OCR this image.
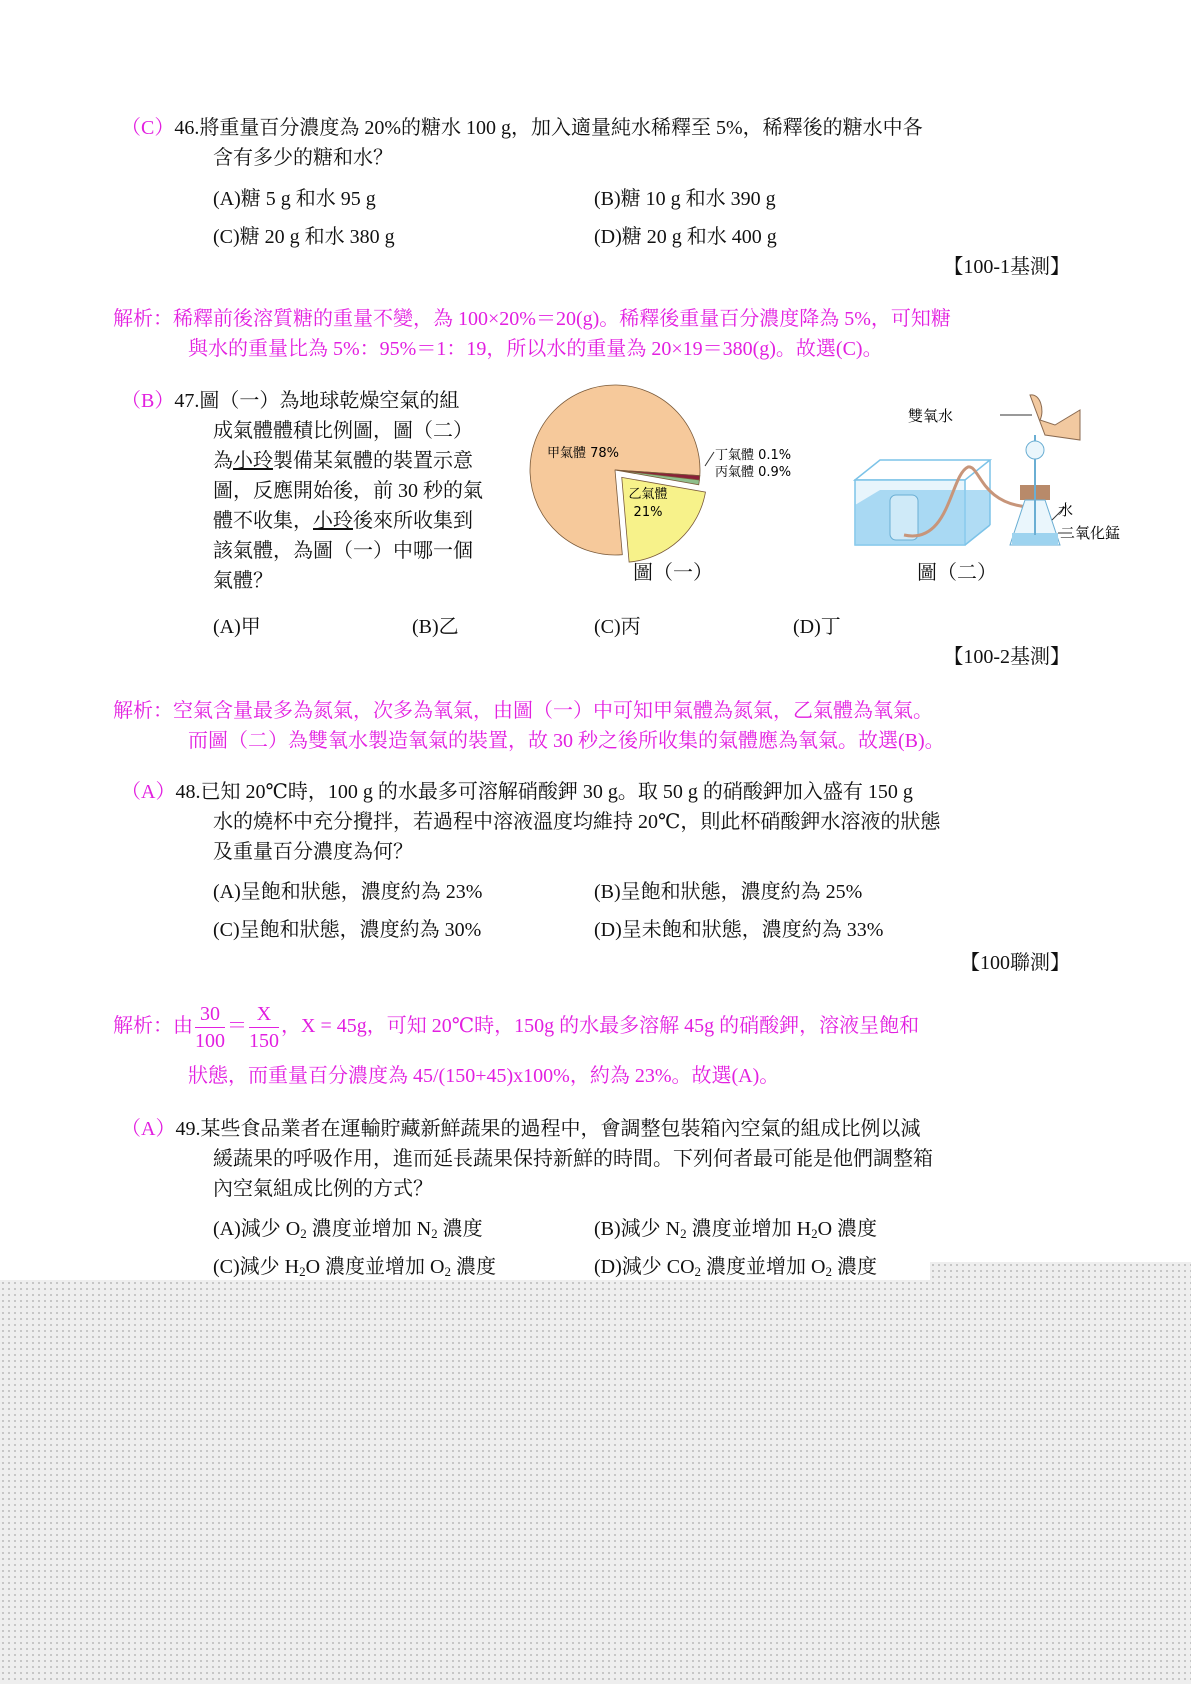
（C）46.將重量百分濃度為 20%的糖水 100 g，加入適量純水稀釋至 5%，稀釋後的糖水中各
含有多少的糖和水？
(A)糖 5 g 和水 95 g	(B)糖 10 g 和水 390 g
(C)糖 20 g 和水 380 g	(D)糖 20 g 和水 400 g
【100-1基測】
解析：稀釋前後溶質糖的重量不變，為 100×20%＝20(g)。稀釋後重量百分濃度降為 5%，可知糖
與水的重量比為 5%：95%＝1：19，所以水的重量為 20×19＝380(g)。故選(C)。
（B）47.圖（一）為地球乾燥空氣的組
成氣體體積比例圖，圖（二）
為小玲製備某氣體的裝置示意
圖，反應開始後，前 30 秒的氣
體不收集，小玲後來所收集到
該氣體，為圖（一）中哪一個
氣體？
甲氣體 78%
乙氣體
21%
丁氣體 0.1%
丙氣體 0.9%
圖（一）
雙氧水
水
二氧化錳
圖（二）
(A)甲	(B)乙	(C)丙	(D)丁
【100-2基測】
解析：空氣含量最多為氮氣，次多為氧氣，由圖（一）中可知甲氣體為氮氣，乙氣體為氧氣。
而圖（二）為雙氧水製造氧氣的裝置，故 30 秒之後所收集的氣體應為氧氣。故選(B)。
（A）48.已知 20℃時，100 g 的水最多可溶解硝酸鉀 30 g。取 50 g 的硝酸鉀加入盛有 150 g
水的燒杯中充分攪拌，若過程中溶液溫度均維持 20℃，則此杯硝酸鉀水溶液的狀態
及重量百分濃度為何？
(A)呈飽和狀態，濃度約為 23%	(B)呈飽和狀態，濃度約為 25%
(C)呈飽和狀態，濃度約為 30%	(D)呈未飽和狀態，濃度約為 33%
【100聯測】
解析：由 $\frac{30}{100} = \frac{X}{150}$ ，X = 45g，可知 20℃時，150g 的水最多溶解 45g 的硝酸鉀，溶液呈飽和
狀態，而重量百分濃度為 45/(150+45)x100%，約為 23%。故選(A)。
（A）49.某些食品業者在運輸貯藏新鮮蔬果的過程中，會調整包裝箱內空氣的組成比例以減
緩蔬果的呼吸作用，進而延長蔬果保持新鮮的時間。下列何者最可能是他們調整箱
內空氣組成比例的方式？
(A)減少 $O_2$ 濃度並增加 $N_2$ 濃度	(B)減少 $N_2$ 濃度並增加 $H_2O$ 濃度
(C)減少 $H_2O$ 濃度並增加 $O_2$ 濃度	(D)減少 $CO_2$ 濃度並增加 $O_2$ 濃度
